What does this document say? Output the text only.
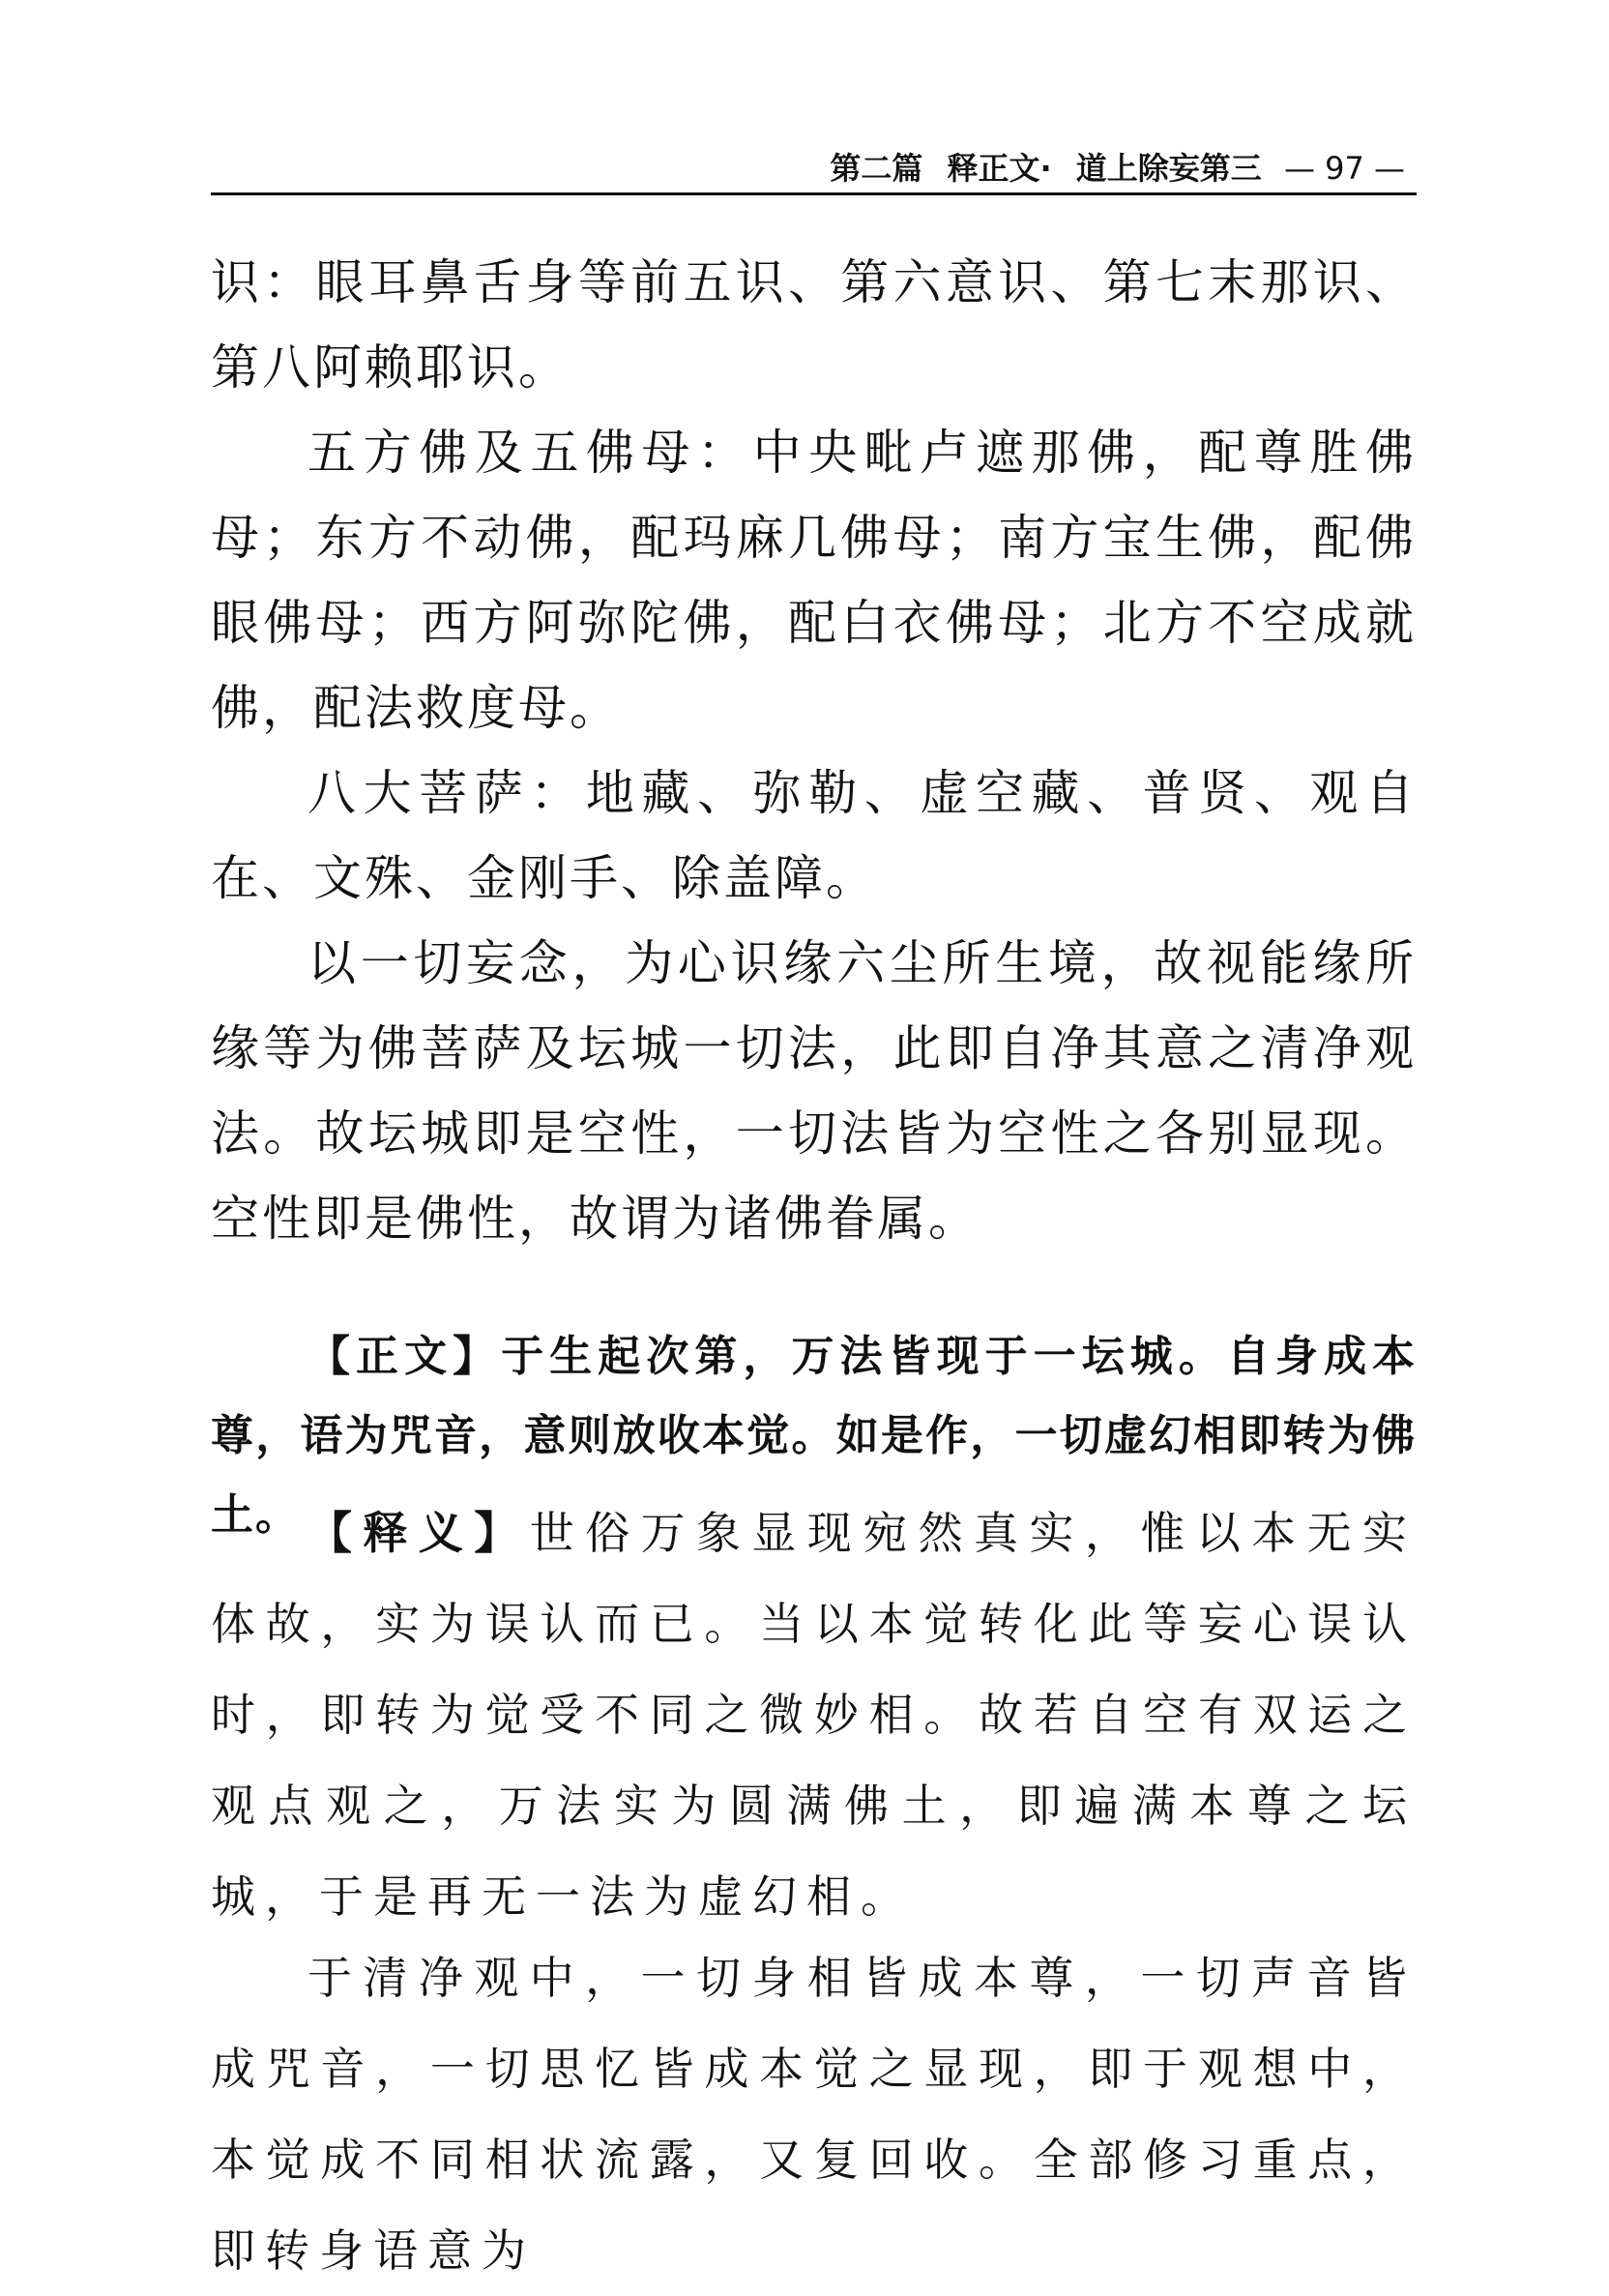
第二篇 释正文· 道上除妄第三 — 97 —

识：眼耳鼻舌身等前五识、第六意识、第七末那识、第八阿赖耶识。

五方佛及五佛母：中央毗卢遮那佛，配尊胜佛母；东方不动佛，配玛麻几佛母；南方宝生佛，配佛眼佛母；西方阿弥陀佛，配白衣佛母；北方不空成就佛，配法救度母。

八大菩萨：地藏、弥勒、虚空藏、普贤、观自在、文殊、金刚手、除盖障。

以一切妄念，为心识缘六尘所生境，故视能缘所缘等为佛菩萨及坛城一切法，此即自净其意之清净观法。故坛城即是空性，一切法皆为空性之各别显现。空性即是佛性，故谓为诸佛眷属。

【正文】于生起次第，万法皆现于一坛城。自身成本尊，语为咒音，意则放收本觉。如是作，一切虚幻相即转为佛土。 【释义】世俗万象显现宛然真实，惟以本无实体故，实为误认而已。当以本觉转化此等妄心误认时，即转为觉受不同之微妙相。故若自空有双运之观点观之，万法实为圆满佛土，即遍满本尊之坛城，于是再无一法为虚幻相。

于清净观中，一切身相皆成本尊，一切声音皆成咒音，一切思忆皆成本觉之显现，即于观想中，本觉成不同相状流露，又复回收。全部修习重点，即转身语意为
